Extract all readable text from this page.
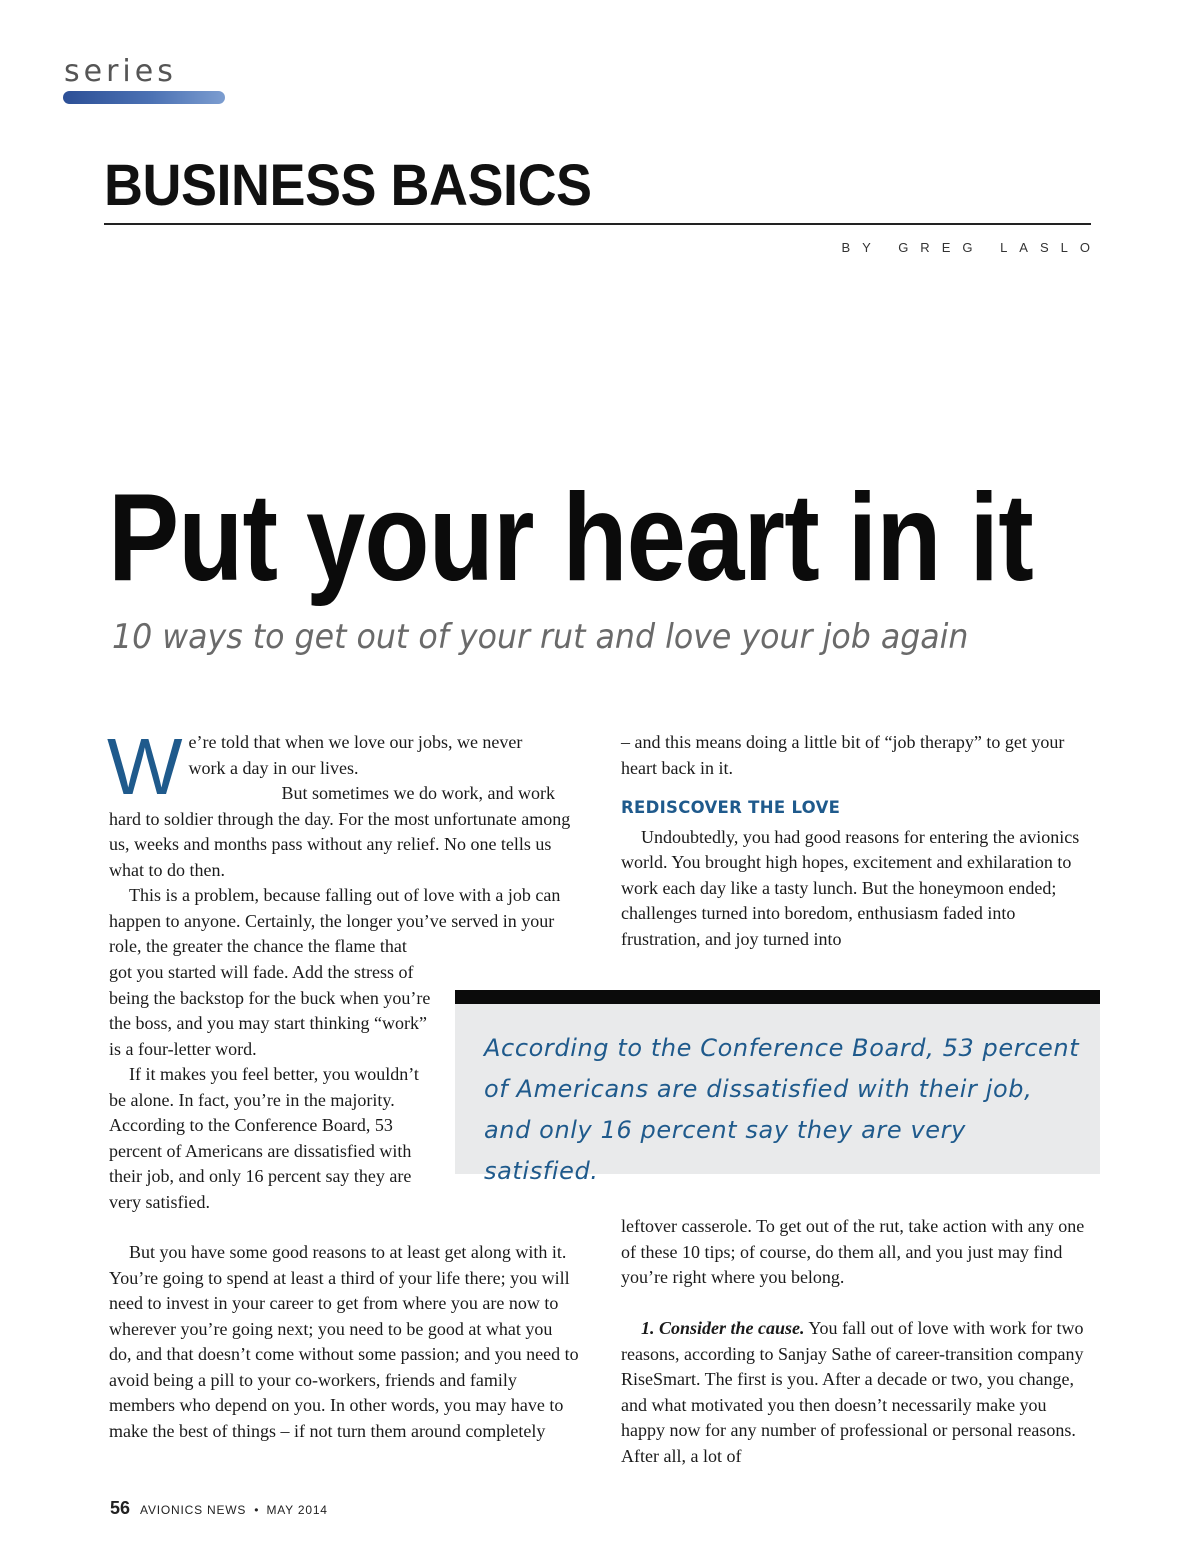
series
BUSINESS BASICS
BY GREG LASLO
Put your heart in it
10 ways to get out of your rut and love your job again
W e’re told that when we love our jobs, we never
work a day in our lives.

But sometimes we do work, and work hard to soldier through the day. For the most unfortunate among us, weeks and months pass without any relief. No one tells us what to do then.

This is a problem, because falling out of love with a job can happen to anyone. Certainly, the longer you’ve served in your role, the greater the chance the flame that

got you started will fade. Add the stress of being the backstop for the buck when you’re the boss, and you may start thinking “work” is a four-letter word.

If it makes you feel better, you wouldn’t be alone. In fact, you’re in the majority. According to the Conference Board, 53 percent of Americans are dissatisfied with their job, and only 16 percent say they are very satisfied.

But you have some good reasons to at least get along with it. You’re going to spend at least a third of your life there; you will need to invest in your career to get from where you are now to wherever you’re going next; you need to be good at what you do, and that doesn’t come without some passion; and you need to avoid being a pill to your co-workers, friends and family members who depend on you. In other words, you may have to make the best of things – if not turn them around completely

– and this means doing a little bit of “job therapy” to get your heart back in it.

REDISCOVER THE LOVE

Undoubtedly, you had good reasons for entering the avionics world. You brought high hopes, excitement and exhilaration to work each day like a tasty lunch. But the honeymoon ended; challenges turned into boredom, enthusiasm faded into frustration, and joy turned into

According to the Conference Board, 53 percent of Americans are dissatisfied with their job, and only 16 percent say they are very satisfied.

leftover casserole. To get out of the rut, take action with any one of these 10 tips; of course, do them all, and you just may find you’re right where you belong.

1. Consider the cause. You fall out of love with work for two reasons, according to Sanjay Sathe of career-transition company RiseSmart. The first is you. After a decade or two, you change, and what motivated you then doesn’t necessarily make you happy now for any number of professional or personal reasons. After all, a lot of

56 AVIONICS NEWS • MAY 2014
